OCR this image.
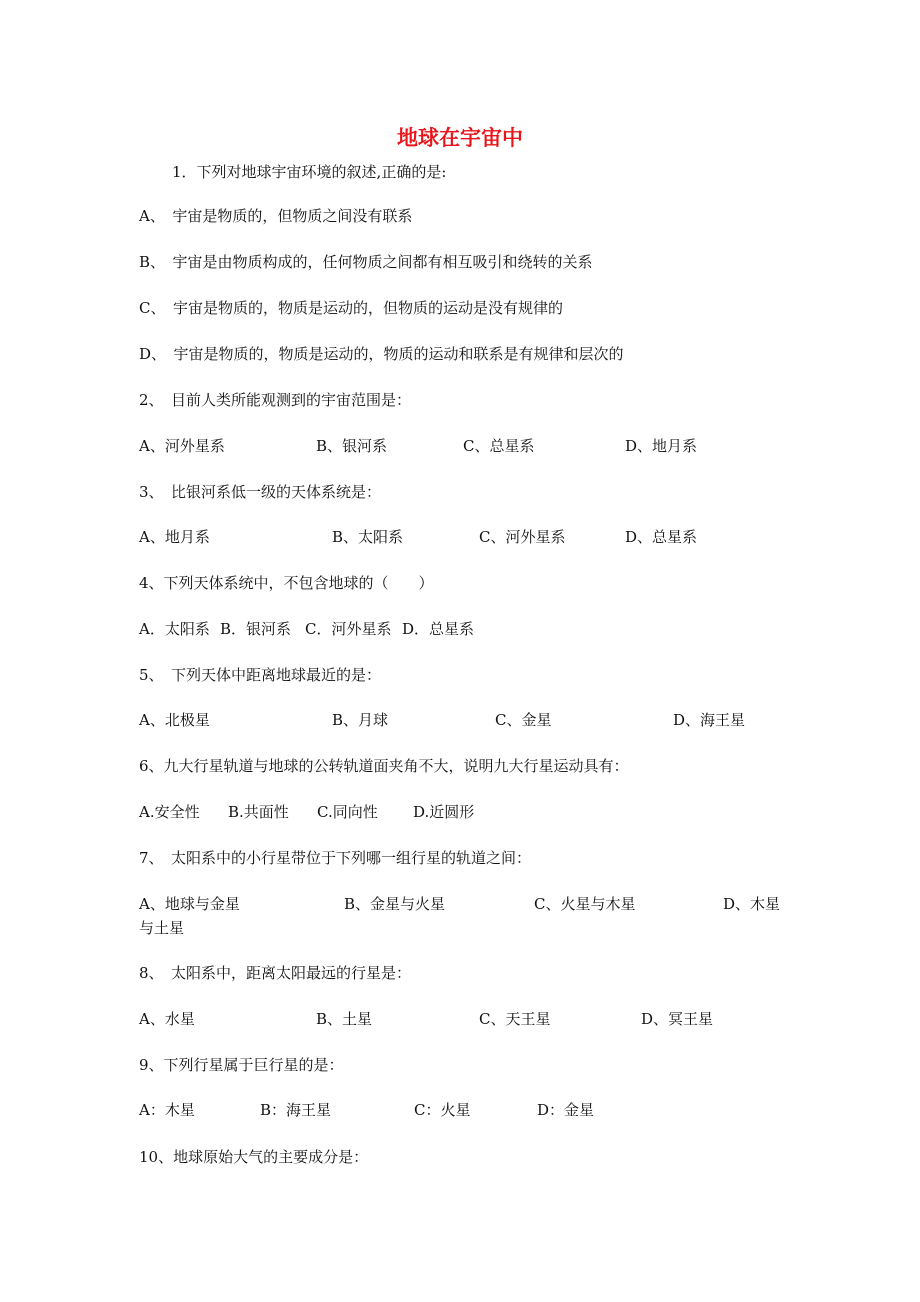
地球在宇宙中
1．下列对地球宇宙环境的叙述,正确的是:
A、　宇宙是物质的，但物质之间没有联系
B、　宇宙是由物质构成的，任何物质之间都有相互吸引和绕转的关系
C、　宇宙是物质的，物质是运动的，但物质的运动是没有规律的
D、　宇宙是物质的，物质是运动的，物质的运动和联系是有规律和层次的
2、　目前人类所能观测到的宇宙范围是：
A、河外星系	B、银河系	C、总星系	D、地月系
3、　比银河系低一级的天体系统是：
A、地月系	B、太阳系	C、河外星系	D、总星系
4、下列天体系统中，不包含地球的（　　）
A．太阳系 B．银河系 C．河外星系 D．总星系
5、　下列天体中距离地球最近的是：
A、北极星	B、月球	C、金星	D、海王星
6、九大行星轨道与地球的公转轨道面夹角不大，说明九大行星运动具有：
A.安全性 B.共面性 C.同向性 D.近圆形
7、　太阳系中的小行星带位于下列哪一组行星的轨道之间：
A、地球与金星	B、金星与火星	C、火星与木星	D、木星
与土星
8、　太阳系中，距离太阳最远的行星是：
A、水星	B、土星	C、天王星	D、冥王星
9、下列行星属于巨行星的是：
A：木星	B：海王星	C：火星	D：金星
10、地球原始大气的主要成分是：
